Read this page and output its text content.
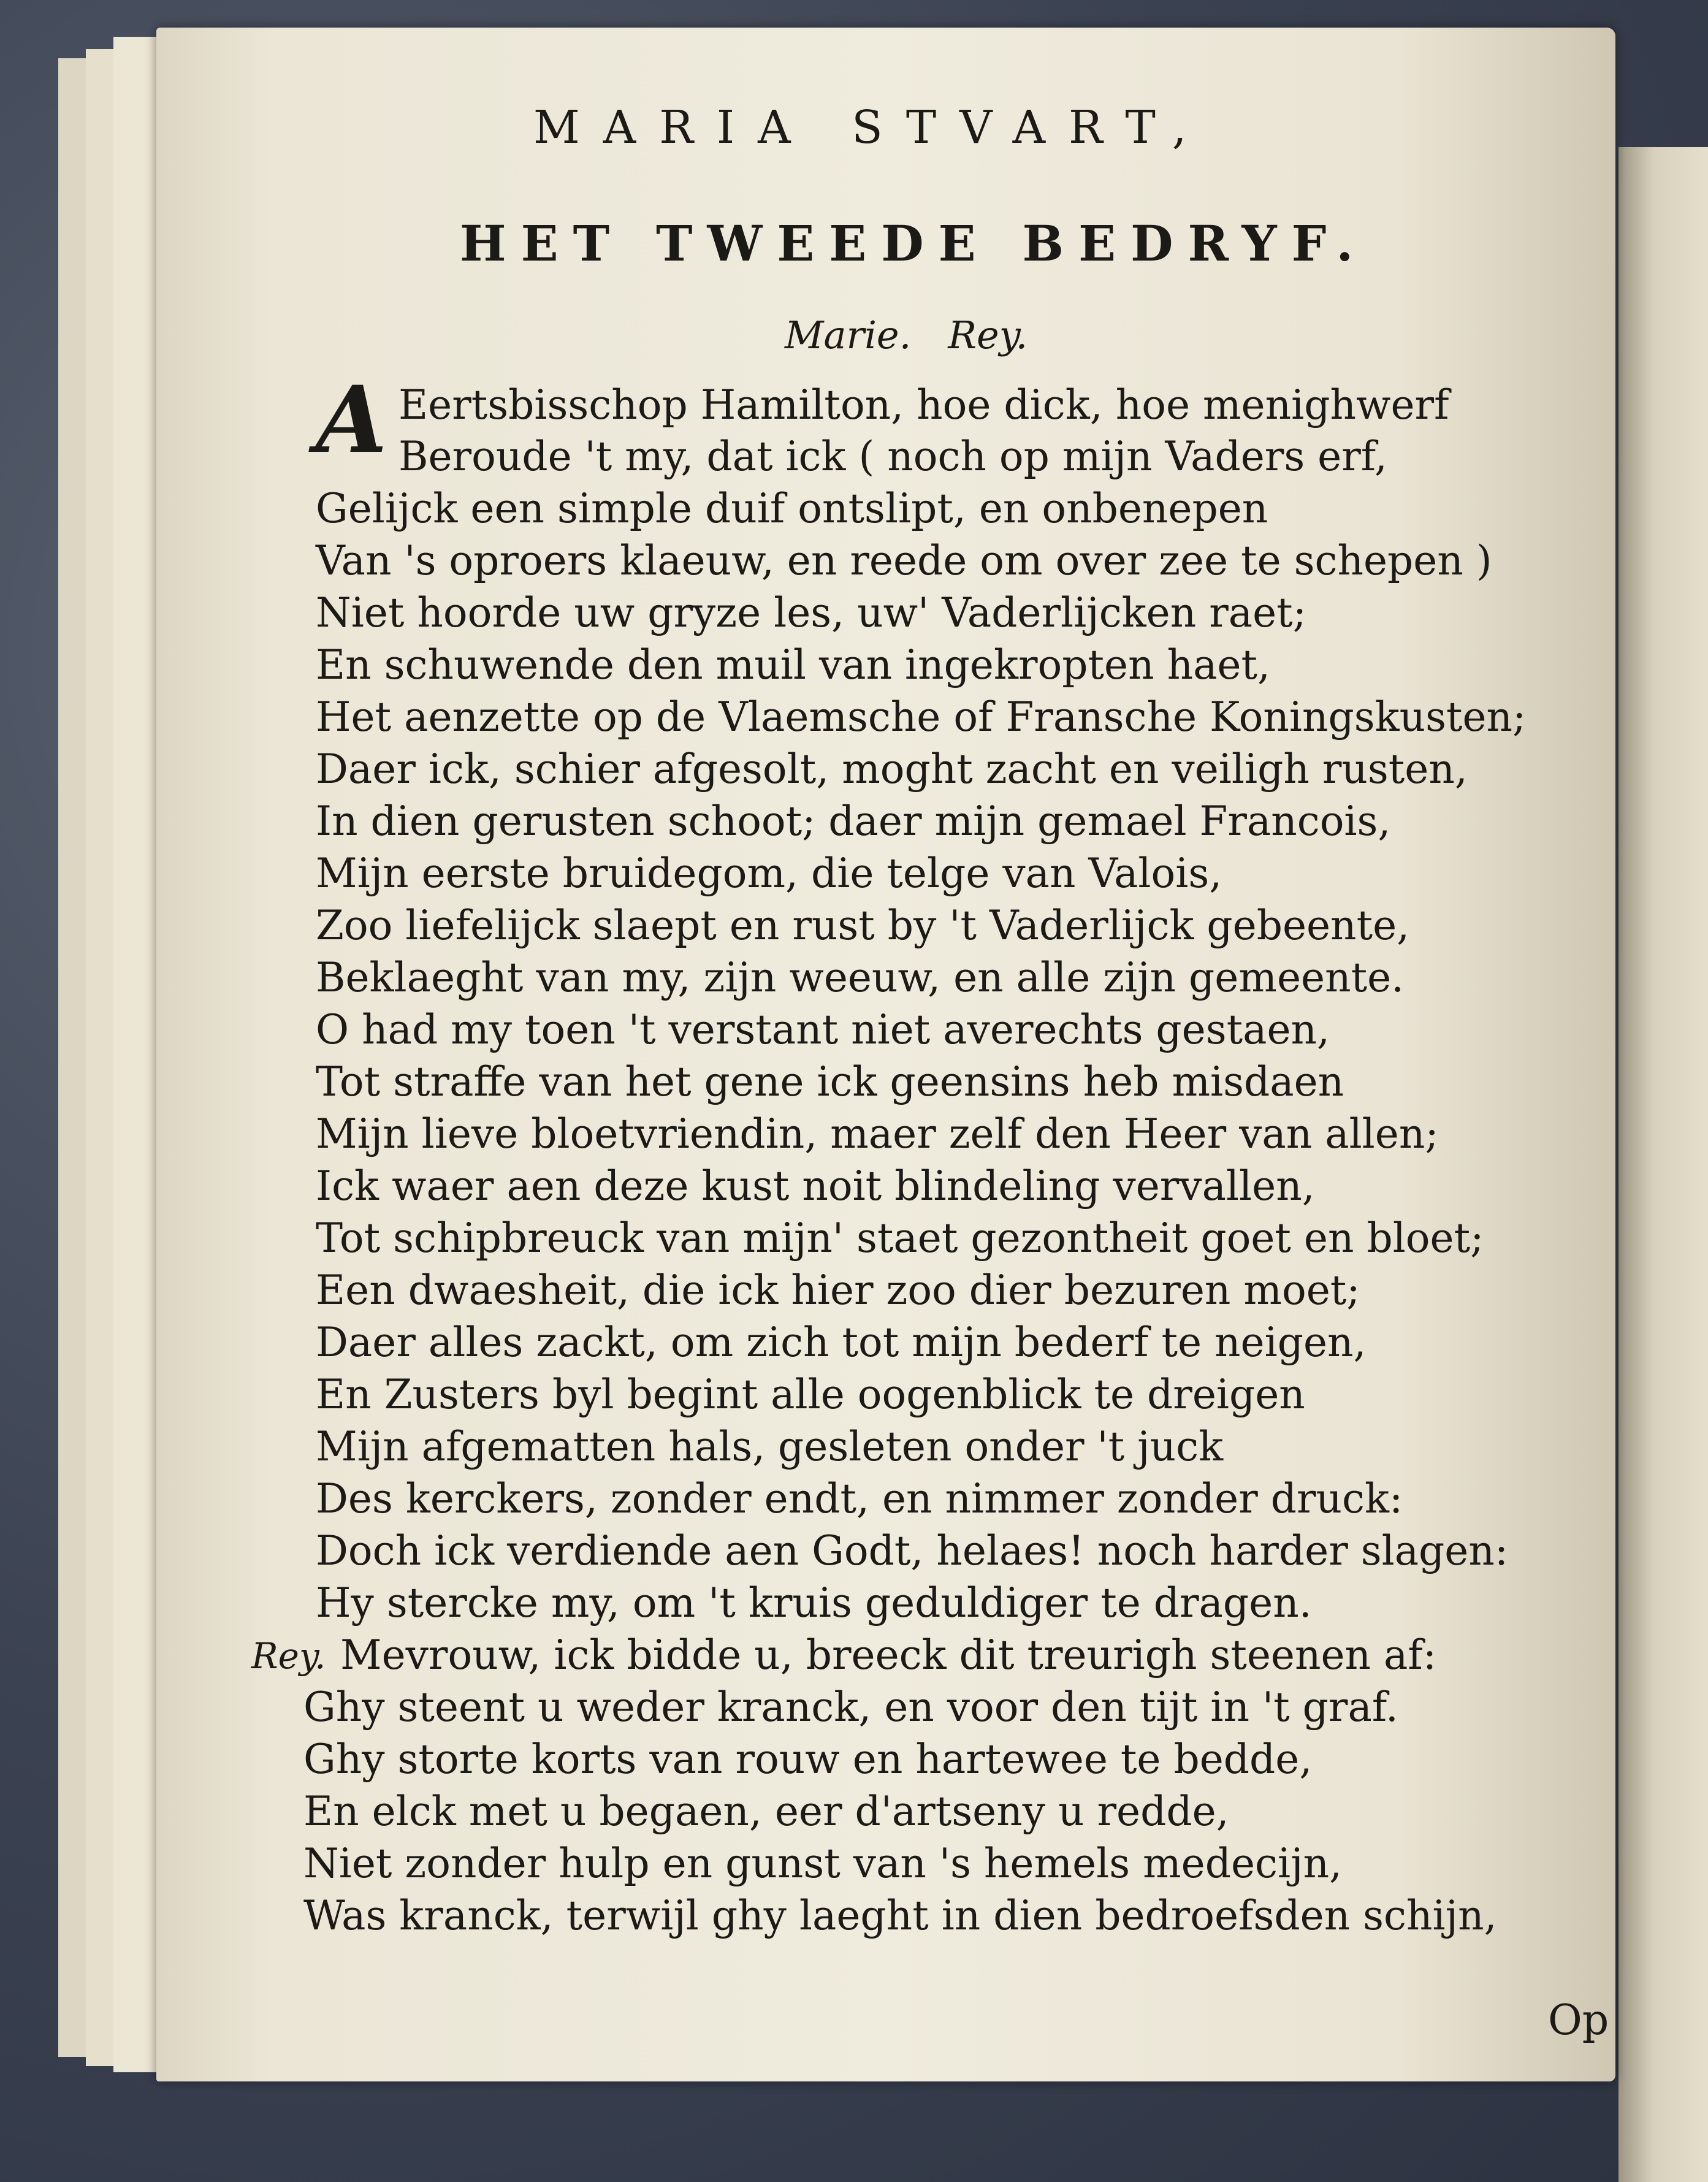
MARIA STVART,
HET TWEEDE BEDRYF.
Marie. Rey.
A Eertsbisschop Hamilton, hoe dick, hoe menighwerf
Beroude 't my, dat ick ( noch op mijn Vaders erf,
Gelijck een simple duif ontslipt, en onbenepen
Van 's oproers klaeuw, en reede om over zee te schepen )
Niet hoorde uw gryze les, uw' Vaderlijcken raet;
En schuwende den muil van ingekropten haet,
Het aenzette op de Vlaemsche of Fransche Koningskusten;
Daer ick, schier afgesolt, moght zacht en veiligh rusten,
In dien gerusten schoot; daer mijn gemael Francois,
Mijn eerste bruidegom, die telge van Valois,
Zoo liefelijck slaept en rust by 't Vaderlijck gebeente,
Beklaeght van my, zijn weeuw, en alle zijn gemeente.
O had my toen 't verstant niet averechts gestaen,
Tot straffe van het gene ick geensins heb misdaen
Mijn lieve bloetvriendin, maer zelf den Heer van allen;
Ick waer aen deze kust noit blindeling vervallen,
Tot schipbreuck van mijn' staet gezontheit goet en bloet;
Een dwaesheit, die ick hier zoo dier bezuren moet;
Daer alles zackt, om zich tot mijn bederf te neigen,
En Zusters byl begint alle oogenblick te dreigen
Mijn afgematten hals, gesleten onder 't juck
Des kerckers, zonder endt, en nimmer zonder druck:
Doch ick verdiende aen Godt, helaes! noch harder slagen:
Hy stercke my, om 't kruis geduldiger te dragen.
Rey. Mevrouw, ick bidde u, breeck dit treurigh steenen af:
Ghy steent u weder kranck, en voor den tijt in 't graf.
Ghy storte korts van rouw en hartewee te bedde,
En elck met u begaen, eer d'artseny u redde,
Niet zonder hulp en gunst van 's hemels medecijn,
Was kranck, terwijl ghy laeght in dien bedroefsden schijn,
Op
